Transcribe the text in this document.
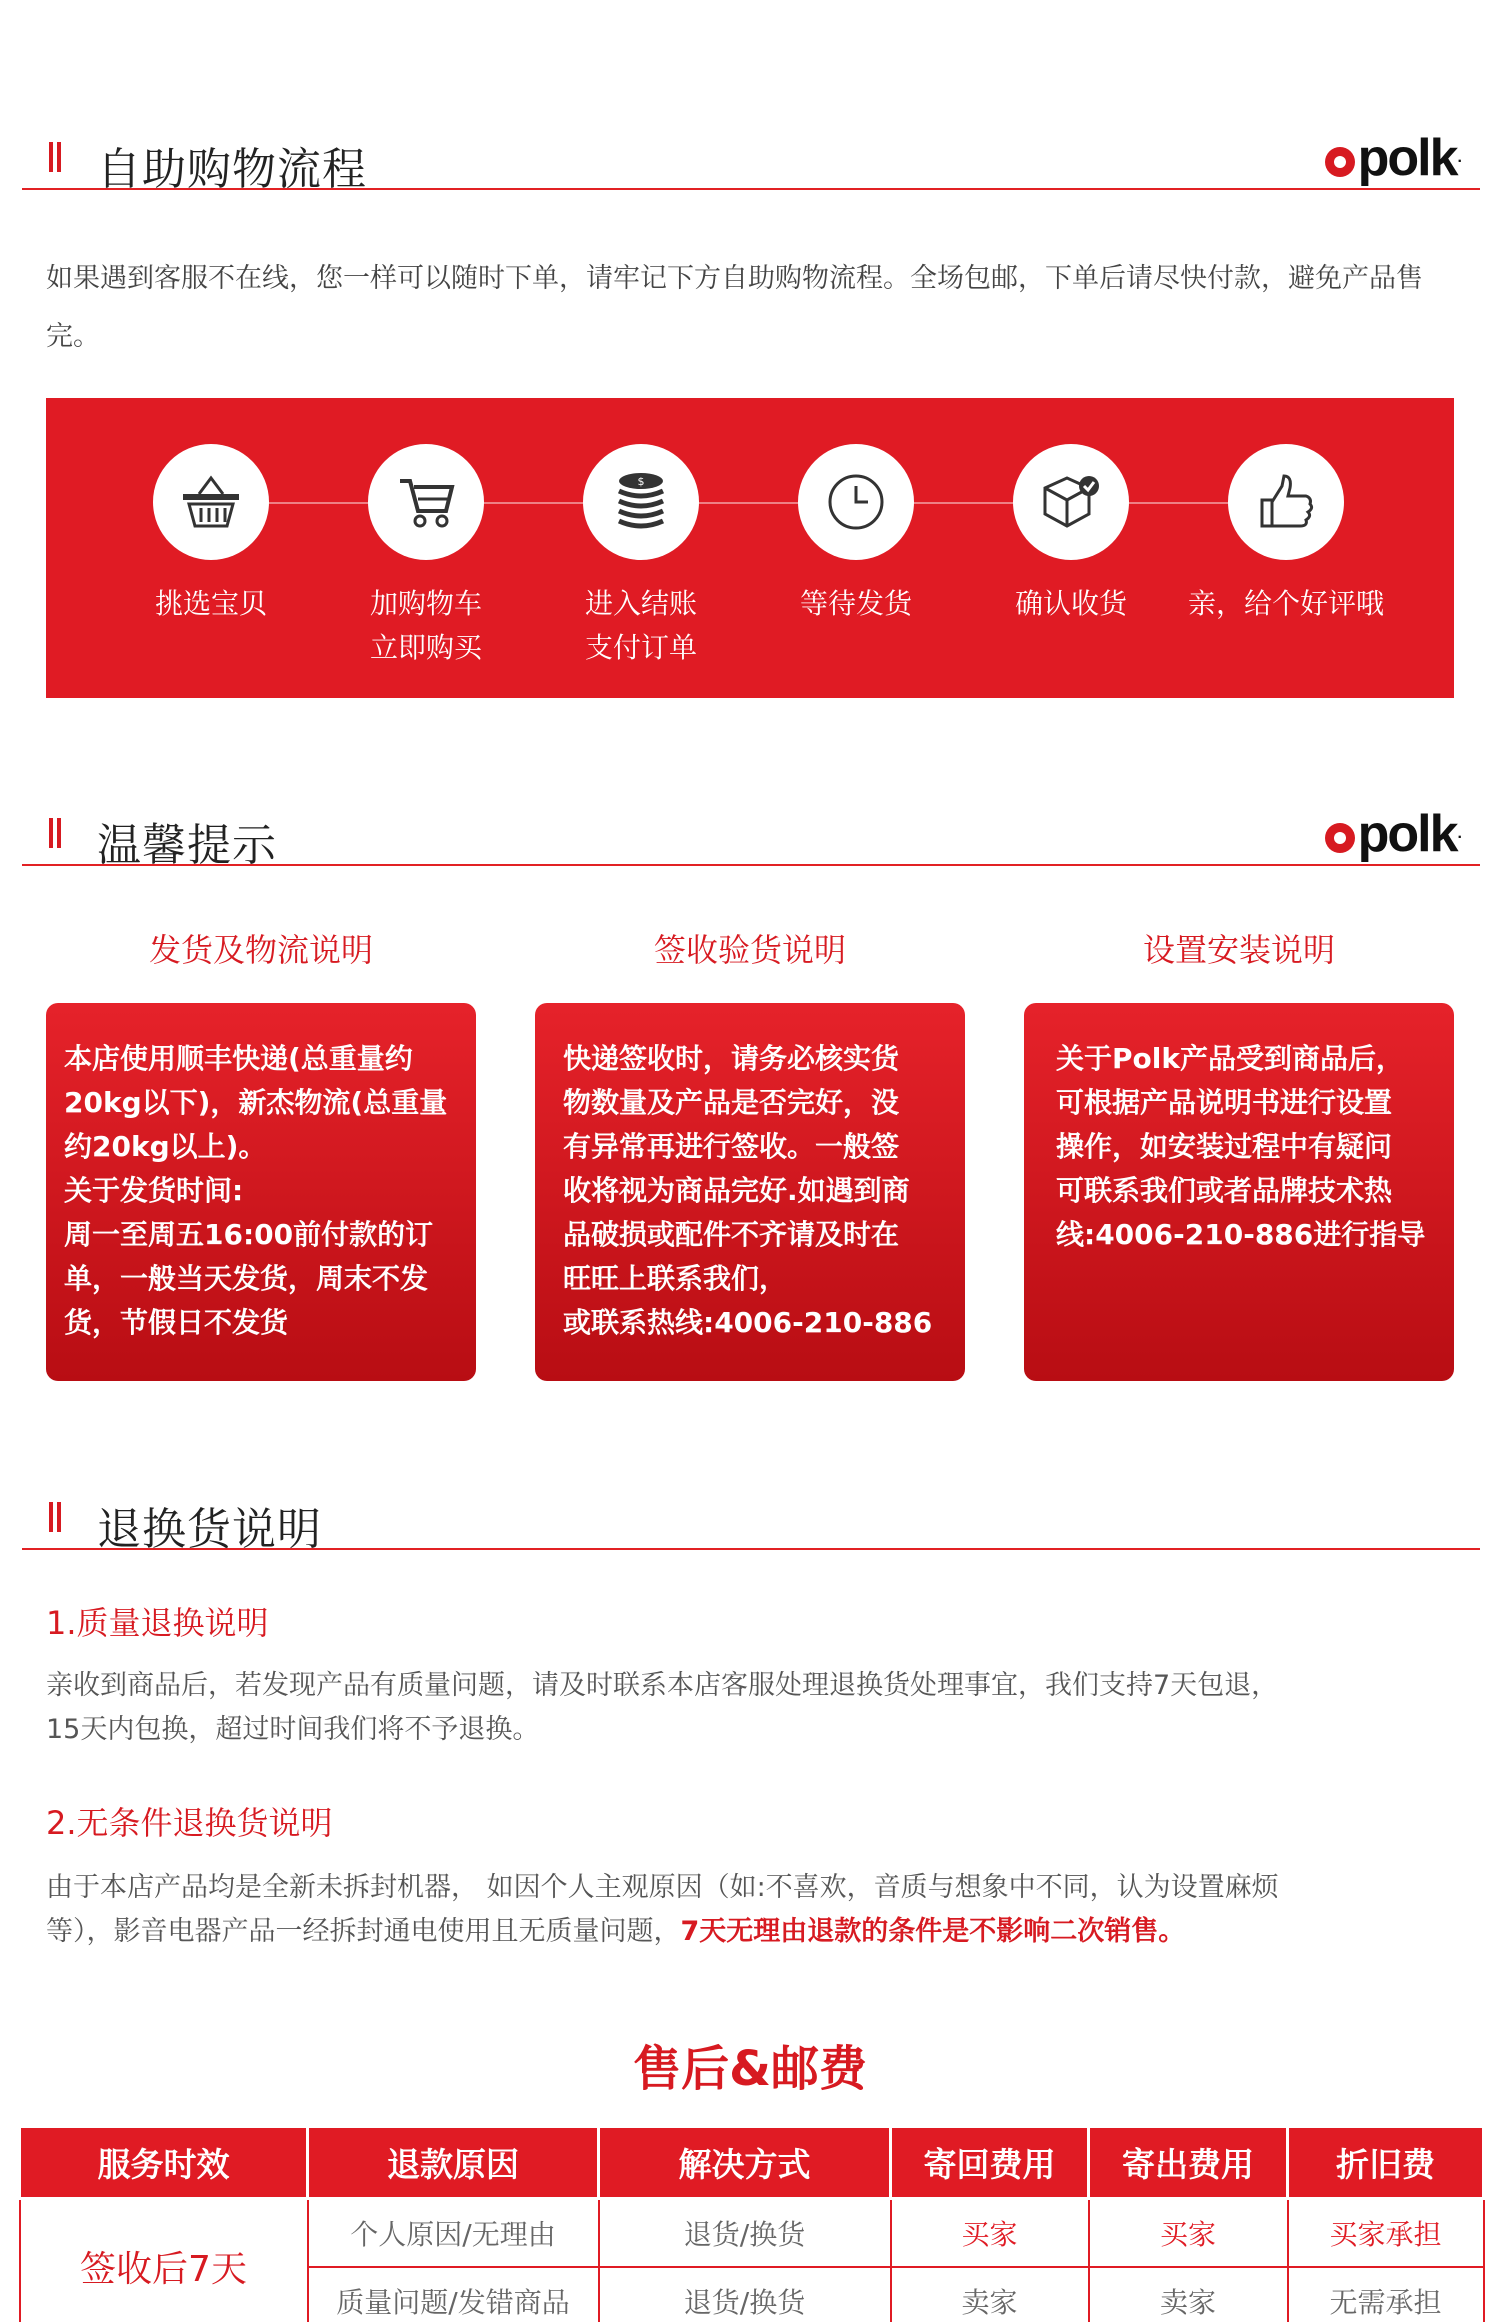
自助购物流程	polk .
如果遇到客服不在线，您一样可以随时下单，请牢记下方自助购物流程。全场包邮，下单后请尽快付款，避免产品售完。
挑选宝贝	加购物车
立即购买
$
进入结账
支付订单
等待发货	确认收货	亲，给个好评哦
温馨提示	polk .
发货及物流说明
本店使用顺丰快递(总重量约
20kg以下)，新杰物流(总重量
约20kg以上)。
关于发货时间:
周一至周五16:00前付款的订
单，一般当天发货，周末不发
货，节假日不发货
签收验货说明
快递签收时，请务必核实货
物数量及产品是否完好，没
有异常再进行签收。一般签
收将视为商品完好.如遇到商
品破损或配件不齐请及时在
旺旺上联系我们，
或联系热线:4006-210-886
设置安装说明
关于Polk产品受到商品后，
可根据产品说明书进行设置
操作，如安装过程中有疑问
可联系我们或者品牌技术热
线:4006-210-886进行指导
退换货说明
1.质量退换说明
亲收到商品后，若发现产品有质量问题，请及时联系本店客服处理退换货处理事宜，我们支持7天包退，
15天内包换，超过时间我们将不予退换。
2.无条件退换货说明
由于本店产品均是全新未拆封机器， 如因个人主观原因（如:不喜欢，音质与想象中不同，认为设置麻烦
等），影音电器产品一经拆封通电使用且无质量问题，7天无理由退款的条件是不影响二次销售。
售后&邮费
服务时效	退款原因	解决方式	寄回费用	寄出费用	折旧费
签收后7天	个人原因/无理由	退货/换货	买家	买家	买家承担
	质量问题/发错商品	退货/换货	卖家	卖家	无需承担
